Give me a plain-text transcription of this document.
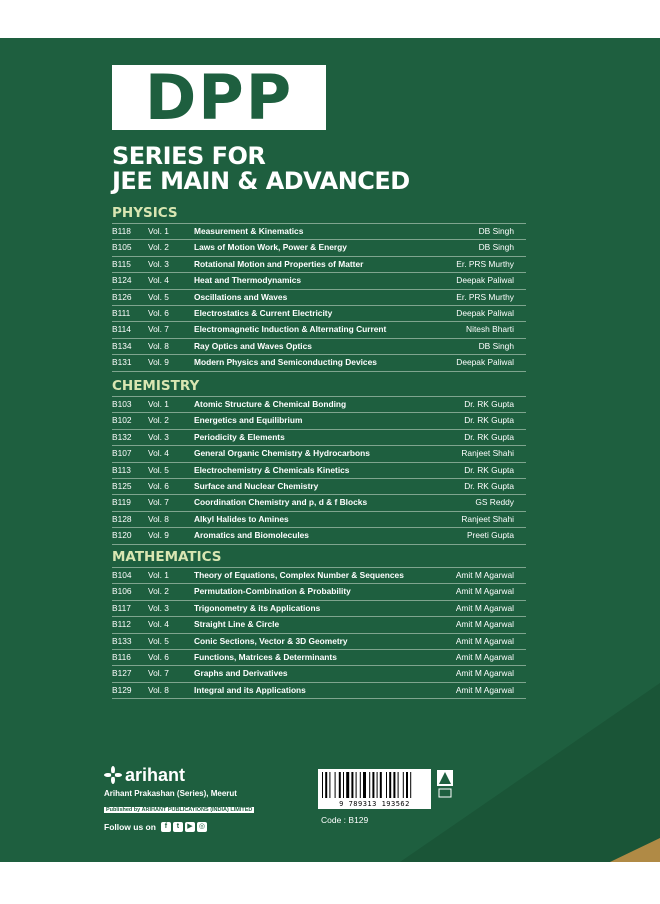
DPP
SERIES FOR
JEE MAIN & ADVANCED
PHYSICS
B118 Vol. 1	Measurement & Kinematics	DB Singh
B105 Vol. 2	Laws of Motion Work, Power & Energy	DB Singh
B115 Vol. 3	Rotational Motion and Properties of Matter	Er. PRS Murthy
B124 Vol. 4	Heat and Thermodynamics	Deepak Paliwal
B126 Vol. 5	Oscillations and Waves	Er. PRS Murthy
B111 Vol. 6	Electrostatics & Current Electricity	Deepak Paliwal
B114 Vol. 7	Electromagnetic Induction & Alternating Current	Nitesh Bharti
B134 Vol. 8	Ray Optics and Waves Optics	DB Singh
B131 Vol. 9	Modern Physics and Semiconducting Devices	Deepak Paliwal
CHEMISTRY
B103 Vol. 1	Atomic Structure & Chemical Bonding	Dr. RK Gupta
B102 Vol. 2	Energetics and Equilibrium	Dr. RK Gupta
B132 Vol. 3	Periodicity & Elements	Dr. RK Gupta
B107 Vol. 4	General Organic Chemistry & Hydrocarbons	Ranjeet Shahi
B113 Vol. 5	Electrochemistry & Chemicals Kinetics	Dr. RK Gupta
B125 Vol. 6	Surface and Nuclear Chemistry	Dr. RK Gupta
B119 Vol. 7	Coordination Chemistry and p, d & f Blocks	GS Reddy
B128 Vol. 8	Alkyl Halides to Amines	Ranjeet Shahi
B120 Vol. 9	Aromatics and Biomolecules	Preeti Gupta
MATHEMATICS
B104 Vol. 1	Theory of Equations, Complex Number & Sequences	Amit M Agarwal
B106 Vol. 2	Permutation-Combination & Probability	Amit M Agarwal
B117 Vol. 3	Trigonometry & its Applications	Amit M Agarwal
B112 Vol. 4	Straight Line & Circle	Amit M Agarwal
B133 Vol. 5	Conic Sections, Vector & 3D Geometry	Amit M Agarwal
B116 Vol. 6	Functions, Matrices & Determinants	Amit M Agarwal
B127 Vol. 7	Graphs and Derivatives	Amit M Agarwal
B129 Vol. 8	Integral and its Applications	Amit M Agarwal
arihant
Arihant Prakashan (Series), Meerut
Published by ARIHANT PUBLICATIONS (INDIA) LIMITED
Follow us on	f	t	▶ ◎
9 789313 193562
Code : B129
